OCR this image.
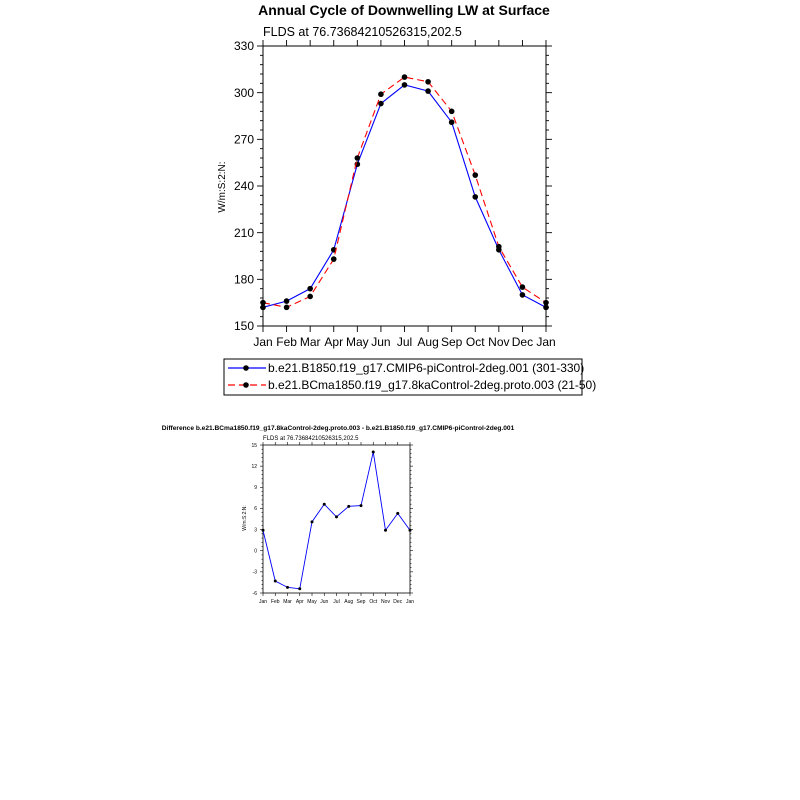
Annual Cycle of Downwelling LW at Surface
FLDS at 76.73684210526315,202.5
W/m:S:2:N:
150
180
210
240
270
300
330
Jan Feb Mar Apr May Jun Jul Aug Sep Oct Nov Dec Jan
b.e21.B1850.f19_g17.CMIP6-piControl-2deg.001 (301-330)
b.e21.BCma1850.f19_g17.8kaControl-2deg.proto.003 (21-50)
Difference b.e21.BCma1850.f19_g17.8kaControl-2deg.proto.003 - b.e21.B1850.f19_g17.CMIP6-piControl-2deg.001
FLDS at 76.73684210526315,202.5
W/m:S:2:N:
-6
-3
0
3
6
9
12
15
Jan Feb Mar Apr May Jun Jul Aug Sep Oct Nov Dec Jan
